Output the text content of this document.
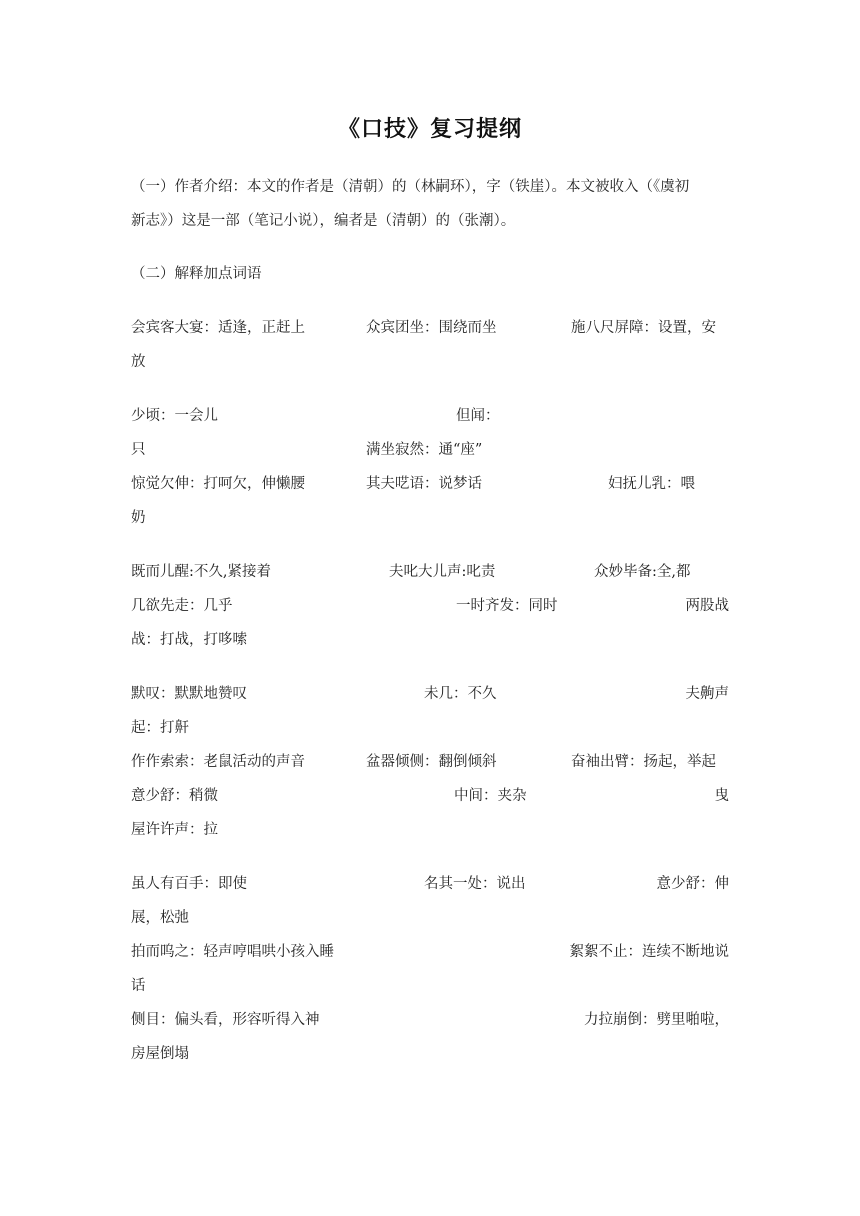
《口技》复习提纲
（一）作者介绍：本文的作者是（清朝）的（林嗣环），字（铁崖）。本文被收入（《虞初
新志》）这是一部（笔记小说），编者是（清朝）的（张潮）。
（二）解释加点词语
会宾客大宴：适逢，正赶上	众宾团坐：围绕而坐	施八尺屏障：设置，安
放
少顷：一会儿	但闻：
只	满坐寂然：通“座”
惊觉欠伸：打呵欠，伸懒腰	其夫呓语：说梦话	妇抚儿乳：喂
奶
既而儿醒:不久,紧接着	夫叱大儿声:叱责	众妙毕备:全,都
几欲先走：几乎	一时齐发：同时	两股战
战：打战，打哆嗦
默叹：默默地赞叹	未几：不久	夫齁声
起：打鼾
作作索索：老鼠活动的声音	盆器倾侧：翻倒倾斜	奋袖出臂：扬起，举起
意少舒：稍微	中间：夹杂	曳
屋许许声：拉
虽人有百手：即使	名其一处：说出	意少舒：伸
展，松弛
拍而呜之：轻声哼唱哄小孩入睡	絮絮不止：连续不断地说
话
侧目：偏头看，形容听得入神	力拉崩倒：劈里啪啦，
房屋倒塌
